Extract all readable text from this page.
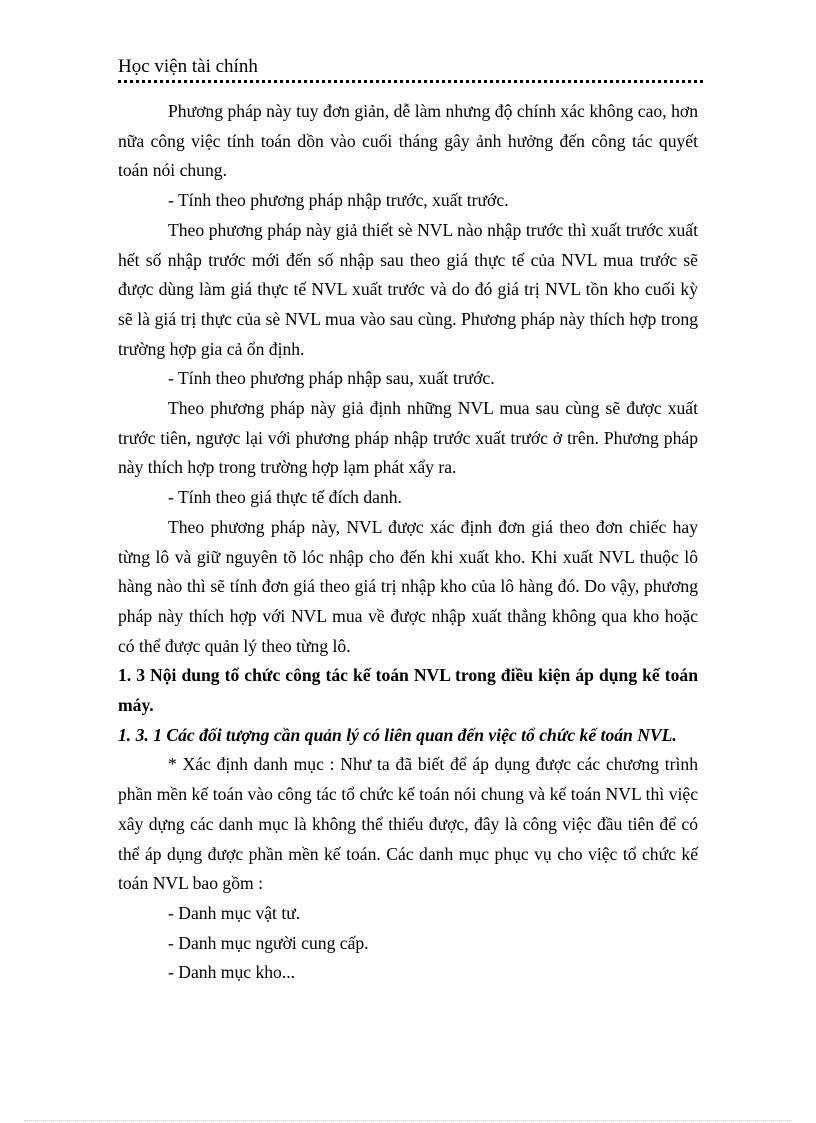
Học viện tài chính

Phương pháp này tuy đơn giản, dễ làm nhưng độ chính xác không cao, hơn nữa công việc tính toán dồn vào cuối tháng gây ảnh hưởng đến công tác quyết toán nói chung.

- Tính theo phương pháp nhập trước, xuất trước.

Theo phương pháp này giả thiết sè NVL nào nhập trước thì xuất trước xuất hết số nhập trước mới đến số nhập sau theo giá thực tế của NVL mua trước sẽ được dùng làm giá thực tế NVL xuất trước và do đó giá trị NVL tồn kho cuối kỳ sẽ là giá trị thực của sè NVL mua vào sau cùng. Phương pháp này thích hợp trong trường hợp gia cả ổn định.

- Tính theo phương pháp nhập sau, xuất trước.

Theo phương pháp này giả định những NVL mua sau cùng sẽ được xuất trước tiên, ngược lại với phương pháp nhập trước xuất trước ở trên. Phương pháp này thích hợp trong trường hợp lạm phát xẩy ra.

- Tính theo giá thực tế đích danh.

Theo phương pháp này, NVL được xác định đơn giá theo đơn chiếc hay từng lô và giữ nguyên tõ lóc nhập cho đến khi xuất kho. Khi xuất NVL thuộc lô hàng nào thì sẽ tính đơn giá theo giá trị nhập kho của lô hàng đó. Do vậy, phương pháp này thích hợp với NVL mua về được nhập xuất thẳng không qua kho hoặc có thể được quản lý theo từng lô.

1. 3 Nội dung tổ chức công tác kế toán NVL trong điều kiện áp dụng kế toán máy.

1. 3. 1 Các đối tượng cần quản lý có liên quan đến việc tổ chức kế toán NVL.

* Xác định danh mục : Như ta đã biết để áp dụng được các chương trình phần mền kế toán vào công tác tổ chức kế toán nói chung và kế toán NVL thì việc xây dựng các danh mục là không thể thiếu được, đây là công việc đầu tiên để có thể áp dụng được phần mền kế toán. Các danh mục phục vụ cho việc tổ chức kế toán NVL bao gồm :

- Danh mục vật tư.

- Danh mục người cung cấp.

- Danh mục kho...
